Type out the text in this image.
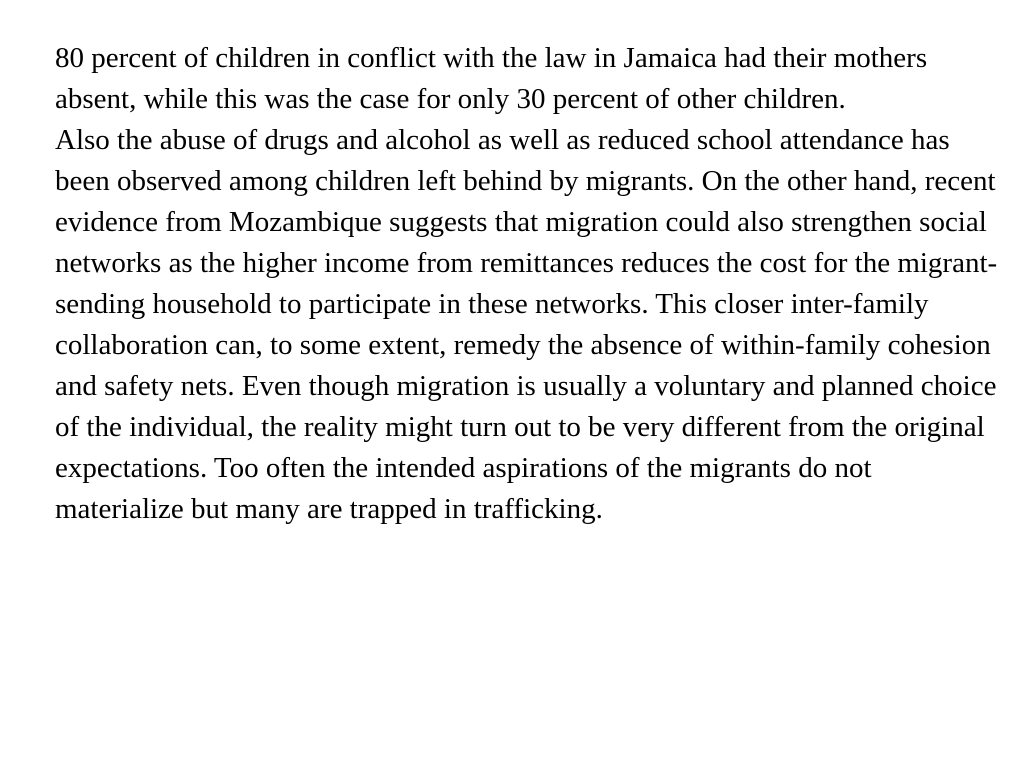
80 percent of children in conflict with the law in Jamaica had their mothers absent, while this was the case for only 30 percent of other children.

Also the abuse of drugs and alcohol as well as reduced school attendance has been observed among children left behind by migrants. On the other hand, recent evidence from Mozambique suggests that migration could also strengthen social networks as the higher income from remittances reduces the cost for the migrant-sending household to participate in these networks. This closer inter-family collaboration can, to some extent, remedy the absence of within-family cohesion and safety nets. Even though migration is usually a voluntary and planned choice of the individual, the reality might turn out to be very different from the original expectations. Too often the intended aspirations of the migrants do not materialize but many are trapped in trafficking.
